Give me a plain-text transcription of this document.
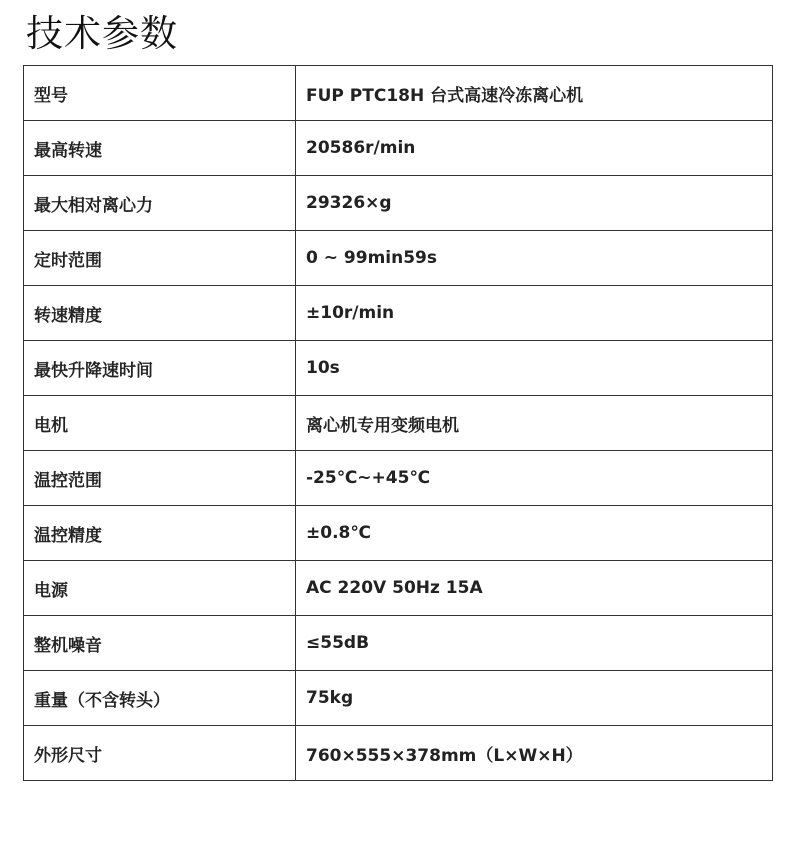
技术参数
型号	FUP PTC18H 台式高速冷冻离心机
最高转速	20586r/min
最大相对离心力	29326×g
定时范围	0 ~ 99min59s
转速精度	±10r/min
最快升降速时间	10s
电机	离心机专用变频电机
温控范围	-25℃~+45℃
温控精度	±0.8℃
电源	AC 220V 50Hz 15A
整机噪音	≤55dB
重量（不含转头）	75kg
外形尺寸	760×555×378mm（L×W×H）
